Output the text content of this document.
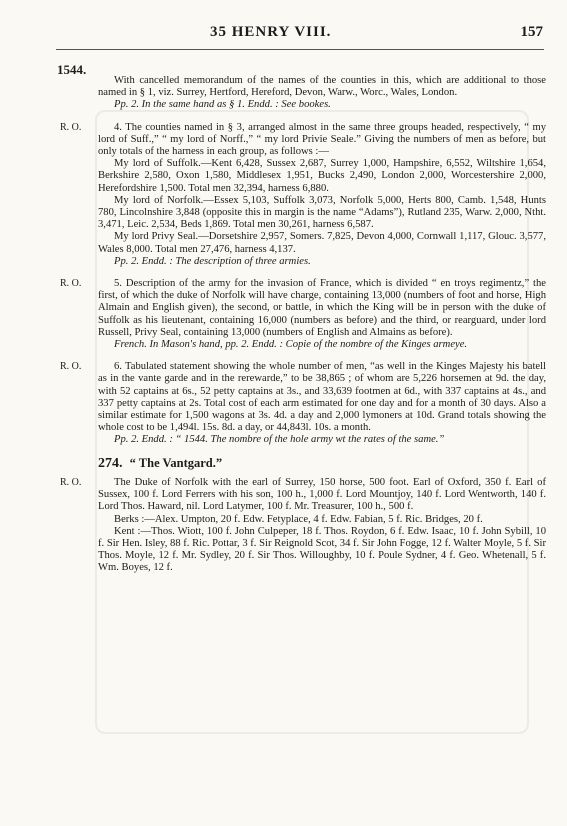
35 HENRY VIII.	157
1544.

With cancelled memorandum of the names of the counties in this, which are additional to those named in § 1, viz. Surrey, Hertford, Hereford, Devon, Warw., Worc., Wales, London.

Pp. 2. In the same hand as § 1. Endd. : See bookes.

R. O.	4. The counties named in § 3, arranged almost in the same three groups headed, respectively, “ my lord of Suff.,” “ my lord of Norff.,” “ my lord Privie Seale.” Giving the numbers of men as before, but only totals of the harness in each group, as follows :—

My lord of Suffolk.—Kent 6,428, Sussex 2,687, Surrey 1,000, Hampshire, 6,552, Wiltshire 1,654, Berkshire 2,580, Oxon 1,580, Middlesex 1,951, Bucks 2,490, London 2,000, Worcestershire 2,000, Herefordshire 1,500. Total men 32,394, harness 6,880.

My lord of Norfolk.—Essex 5,103, Suffolk 3,073, Norfolk 5,000, Herts 800, Camb. 1,548, Hunts 780, Lincolnshire 3,848 (opposite this in margin is the name “Adams”), Rutland 235, Warw. 2,000, Ntht. 3,471, Leic. 2,534, Beds 1,869. Total men 30,261, harness 6,587.

My lord Privy Seal.—Dorsetshire 2,957, Somers. 7,825, Devon 4,000, Cornwall 1,117, Glouc. 3,577, Wales 8,000. Total men 27,476, harness 4,137.

Pp. 2. Endd. : The description of three armies.

R. O.	5. Description of the army for the invasion of France, which is divided “ en troys regimentz,” the first, of which the duke of Norfolk will have charge, containing 13,000 (numbers of foot and horse, High Almain and English given), the second, or battle, in which the King will be in person with the duke of Suffolk as his lieutenant, containing 16,000 (numbers as before) and the third, or rearguard, under lord Russell, Privy Seal, containing 13,000 (numbers of English and Almains as before).

French. In Mason's hand, pp. 2. Endd. : Copie of the nombre of the Kinges armeye.

R. O.	6. Tabulated statement showing the whole number of men, “as well in the Kinges Majesty his batell as in the vante garde and in the rerewarde,” to be 38,865 ; of whom are 5,226 horsemen at 9d. the day, with 52 captains at 6s., 52 petty captains at 3s., and 33,639 footmen at 6d., with 337 captains at 4s., and 337 petty captains at 2s. Total cost of each arm estimated for one day and for a month of 30 days. Also a similar estimate for 1,500 wagons at 3s. 4d. a day and 2,000 lymoners at 10d. Grand totals showing the whole cost to be 1,494l. 15s. 8d. a day, or 44,843l. 10s. a month.

Pp. 2. Endd. : “ 1544. The nombre of the hole army wt the rates of the same.”

274. “ The Vantgard.”
R. O.	The Duke of Norfolk with the earl of Surrey, 150 horse, 500 foot. Earl of Oxford, 350 f. Earl of Sussex, 100 f. Lord Ferrers with his son, 100 h., 1,000 f. Lord Mountjoy, 140 f. Lord Wentworth, 140 f. Lord Thos. Haward, nil. Lord Latymer, 100 f. Mr. Treasurer, 100 h., 500 f.

Berks :—Alex. Umpton, 20 f. Edw. Fetyplace, 4 f. Edw. Fabian, 5 f. Ric. Bridges, 20 f.

Kent :—Thos. Wiott, 100 f. John Culpeper, 18 f. Thos. Roydon, 6 f. Edw. Isaac, 10 f. John Sybill, 10 f. Sir Hen. Isley, 88 f. Ric. Pottar, 3 f. Sir Reignold Scot, 34 f. Sir John Fogge, 12 f. Walter Moyle, 5 f. Sir Thos. Moyle, 12 f. Mr. Sydley, 20 f. Sir Thos. Willoughby, 10 f. Poule Sydner, 4 f. Geo. Whetenall, 5 f. Wm. Boyes, 12 f.
